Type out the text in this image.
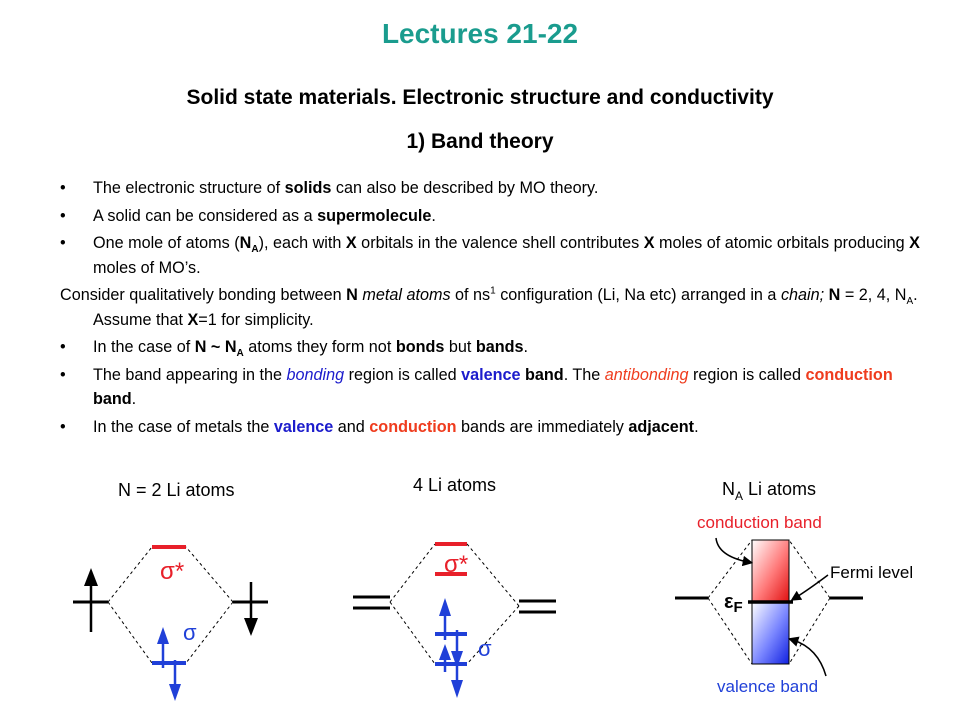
Lectures 21-22
Solid state materials. Electronic structure and conductivity
1) Band theory
• The electronic structure of solids can also be described by MO theory.
• A solid can be considered as a supermolecule.
• One mole of atoms $(N_A)$, each with X orbitals in the valence shell contributes X moles of atomic orbitals producing X moles of MO’s.
Consider qualitatively bonding between N metal atoms of $ns^1$ configuration (Li, Na etc) arranged in a chain; N = 2, 4, $N_A$. Assume that X=1 for simplicity.
• In the case of N ~ $N_A$ atoms they form not bonds but bands.
• The band appearing in the bonding region is called valence band. The antibonding region is called conduction band.
• In the case of metals the valence and conduction bands are immediately adjacent.
N = 2 Li atoms	4 Li atoms	$N_A$ Li atoms
σ*
σ
σ*
σ
conduction band
valence band
Fermi level
$\varepsilon_F$
